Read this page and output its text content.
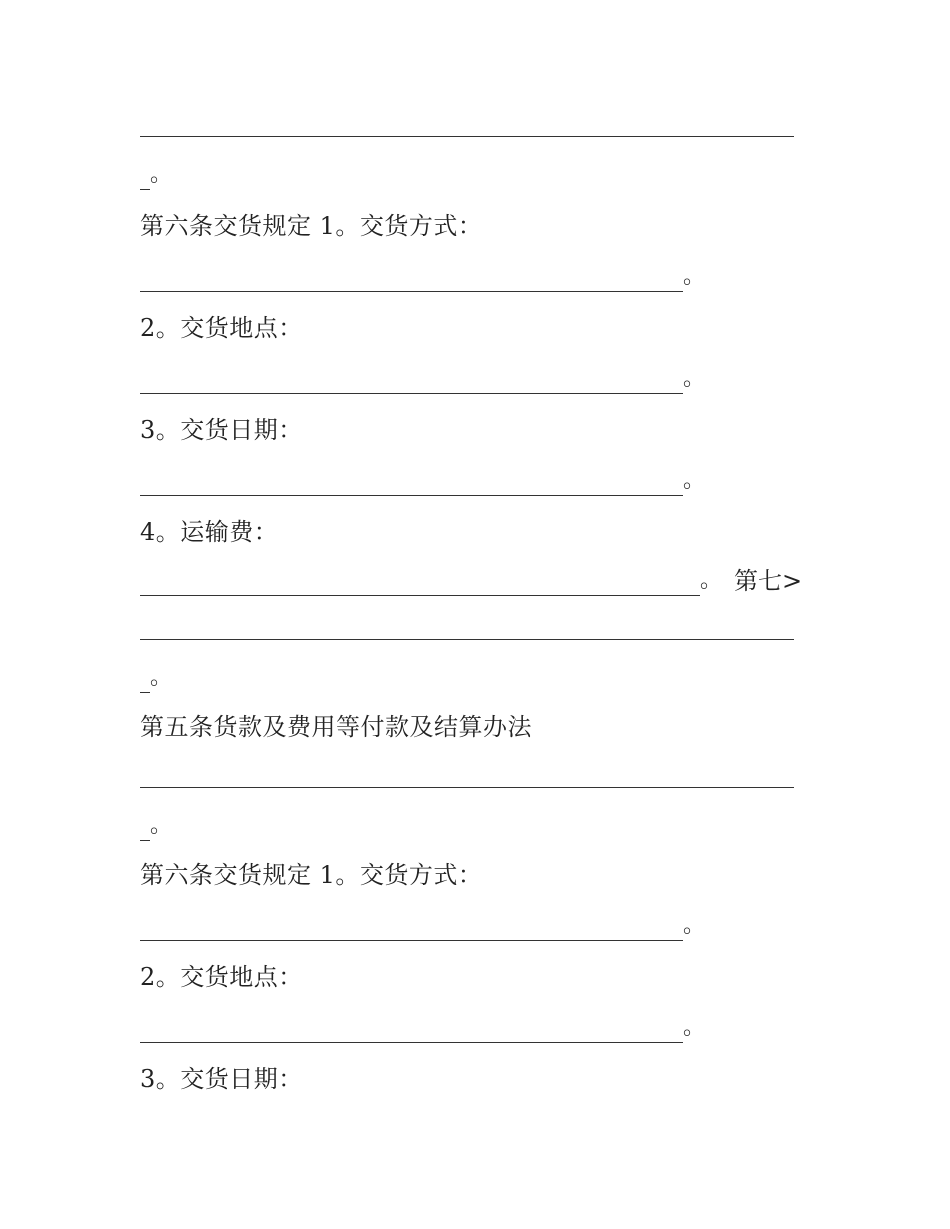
。
第六条交货规定 1。交货方式：
。
2。交货地点：
。
3。交货日期：
。
4。运输费：
。 第七>
。
第五条货款及费用等付款及结算办法
。
第六条交货规定 1。交货方式：
。
2。交货地点：
。
3。交货日期：
